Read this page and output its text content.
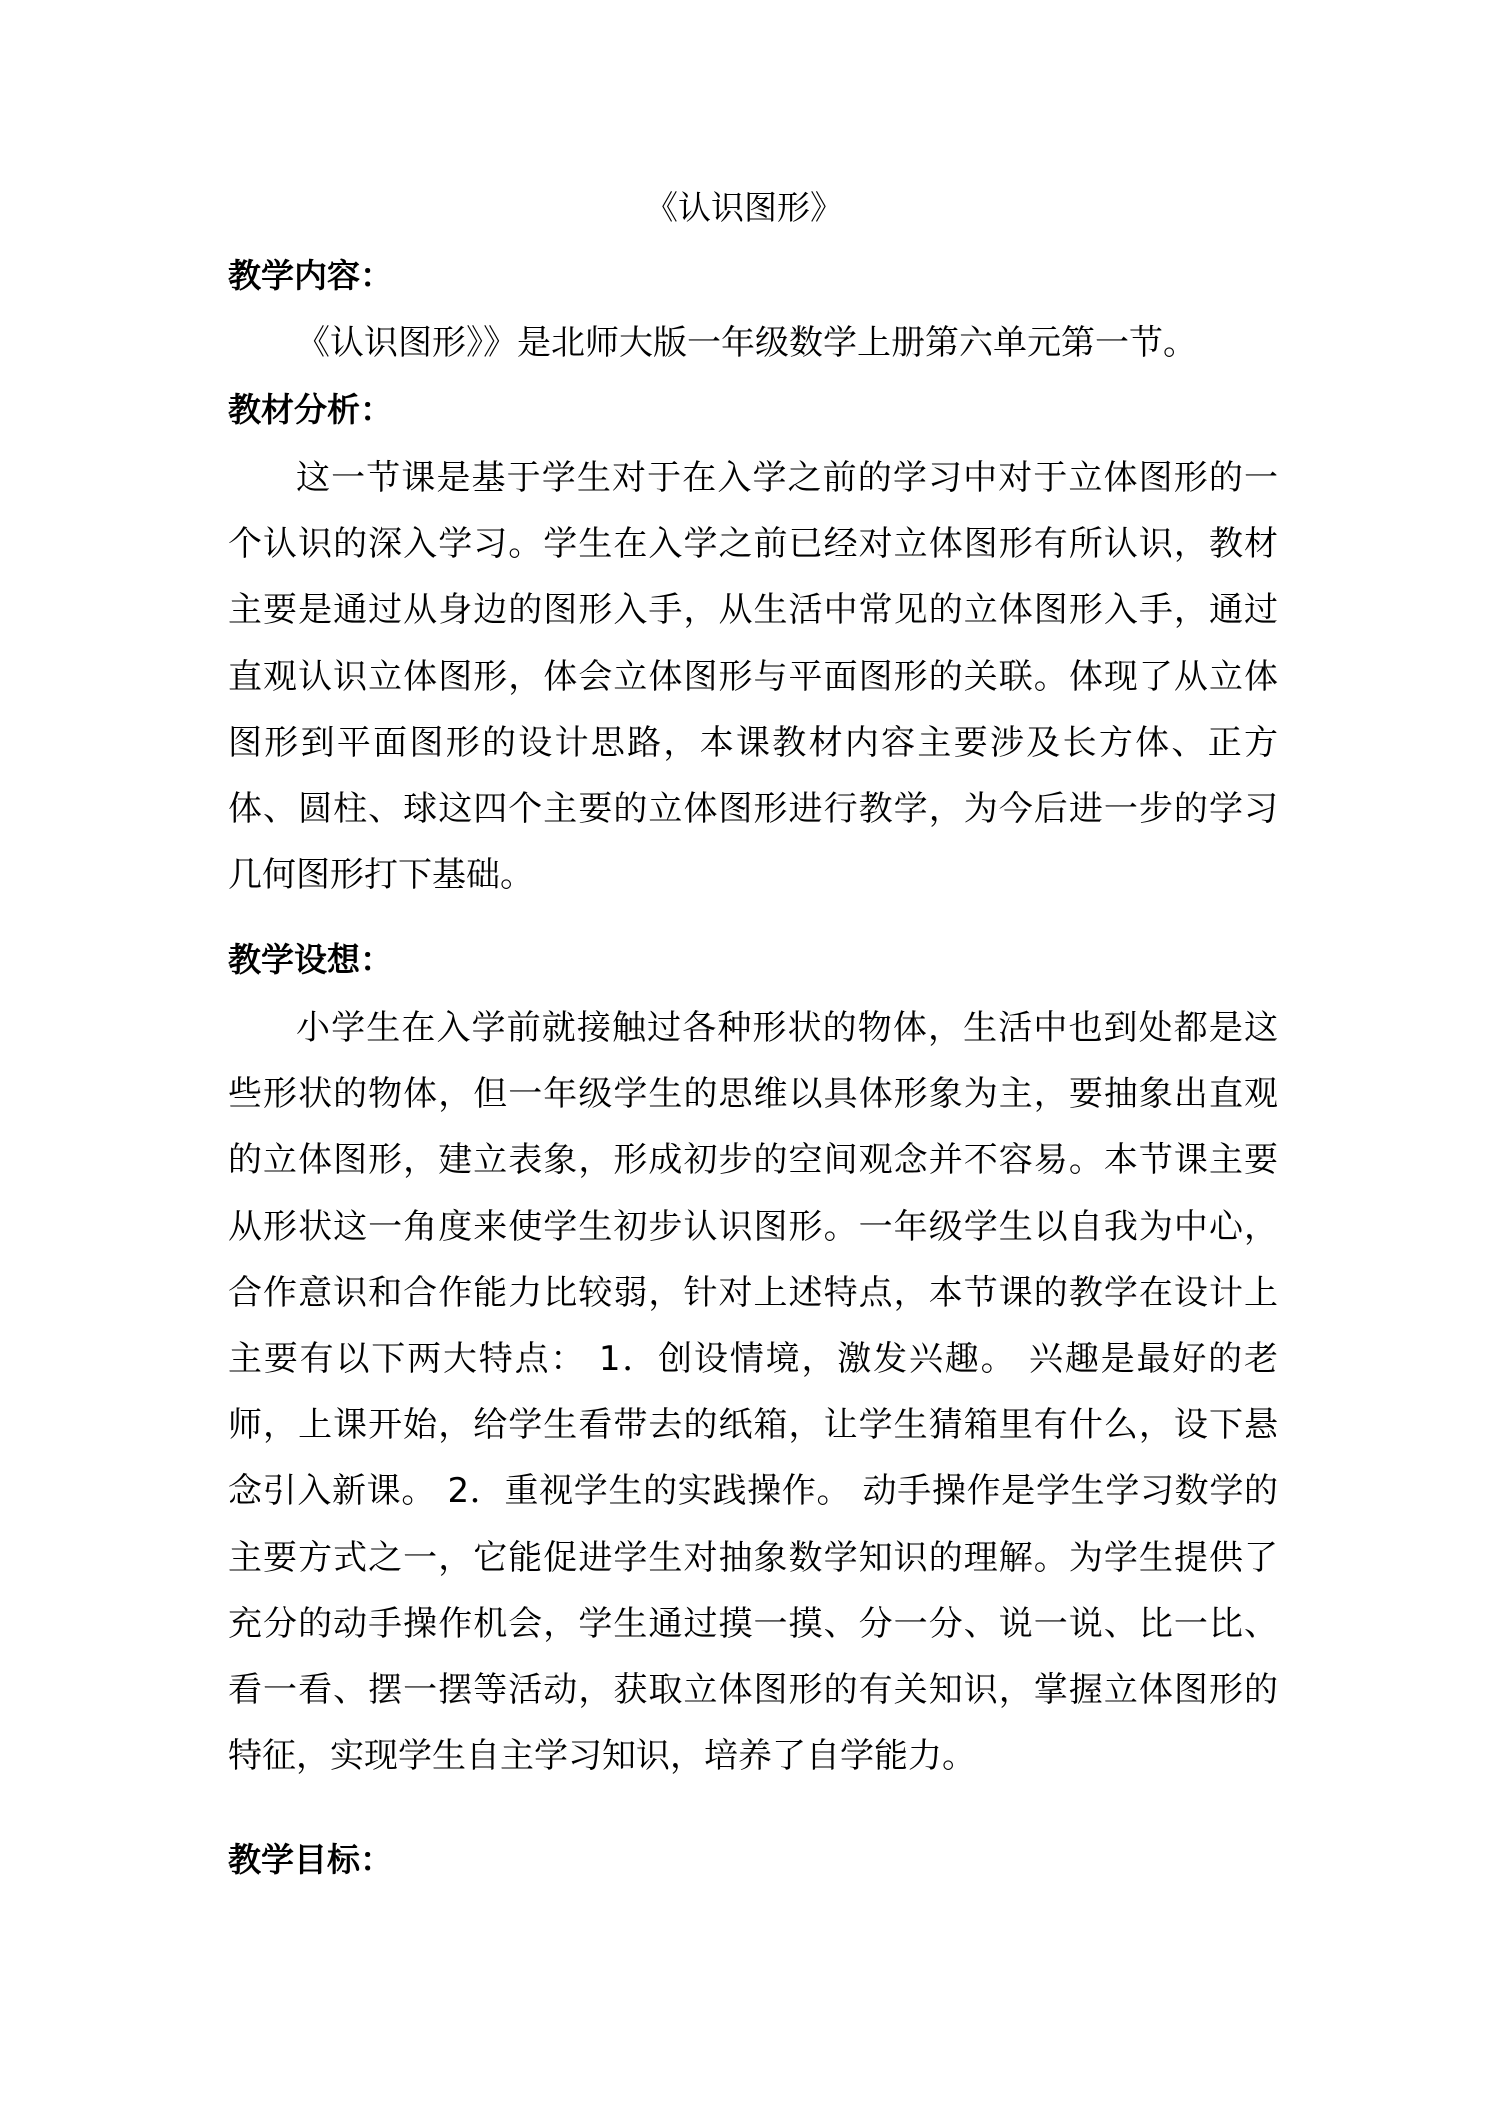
《认识图形》
教学内容：
《认识图形》》是北师大版一年级数学上册第六单元第一节。
教材分析：
这一节课是基于学生对于在入学之前的学习中对于立体图形的一个认识的深入学习。学生在入学之前已经对立体图形有所认识，教材主要是通过从身边的图形入手，从生活中常见的立体图形入手，通过直观认识立体图形，体会立体图形与平面图形的关联。体现了从立体图形到平面图形的设计思路，本课教材内容主要涉及长方体、正方体、圆柱、球这四个主要的立体图形进行教学，为今后进一步的学习几何图形打下基础。
教学设想：
小学生在入学前就接触过各种形状的物体，生活中也到处都是这些形状的物体，但一年级学生的思维以具体形象为主，要抽象出直观的立体图形，建立表象，形成初步的空间观念并不容易。本节课主要从形状这一角度来使学生初步认识图形。一年级学生以自我为中心，合作意识和合作能力比较弱，针对上述特点，本节课的教学在设计上主要有以下两大特点： 1．创设情境，激发兴趣。 兴趣是最好的老师，上课开始，给学生看带去的纸箱，让学生猜箱里有什么，设下悬念引入新课。 2．重视学生的实践操作。 动手操作是学生学习数学的主要方式之一，它能促进学生对抽象数学知识的理解。为学生提供了充分的动手操作机会，学生通过摸一摸、分一分、说一说、比一比、看一看、摆一摆等活动，获取立体图形的有关知识，掌握立体图形的特征，实现学生自主学习知识，培养了自学能力。
教学目标：
